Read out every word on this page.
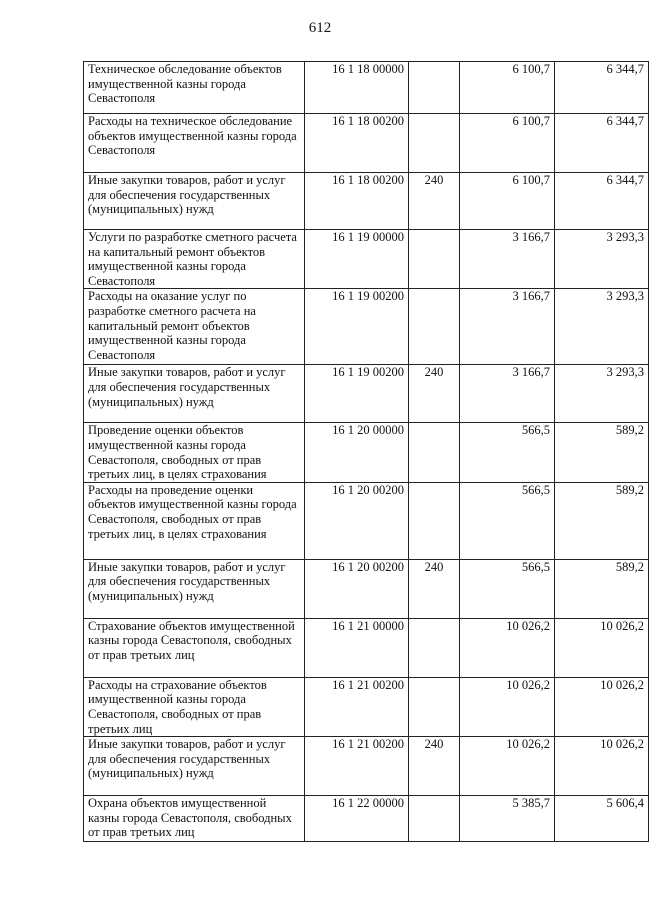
612
Техническое обследование объектов имущественной казны города Севастополя	16 1 18 00000		6 100,7	6 344,7
Расходы на техническое обследование объектов имущественной казны города Севастополя	16 1 18 00200		6 100,7	6 344,7
Иные закупки товаров, работ и услуг для обеспечения государственных (муниципальных) нужд	16 1 18 00200	240	6 100,7	6 344,7
Услуги по разработке сметного расчета на капитальный ремонт объектов имущественной казны города Севастополя	16 1 19 00000		3 166,7	3 293,3
Расходы на оказание услуг по разработке сметного расчета на капитальный ремонт объектов имущественной казны города Севастополя	16 1 19 00200		3 166,7	3 293,3
Иные закупки товаров, работ и услуг для обеспечения государственных (муниципальных) нужд	16 1 19 00200	240	3 166,7	3 293,3
Проведение оценки объектов имущественной казны города Севастополя, свободных от прав третьих лиц, в целях страхования	16 1 20 00000		566,5	589,2
Расходы на проведение оценки объектов имущественной казны города Севастополя, свободных от прав третьих лиц, в целях страхования	16 1 20 00200		566,5	589,2
Иные закупки товаров, работ и услуг для обеспечения государственных (муниципальных) нужд	16 1 20 00200	240	566,5	589,2
Страхование объектов имущественной казны города Севастополя, свободных от прав третьих лиц	16 1 21 00000		10 026,2	10 026,2
Расходы на страхование объектов имущественной казны города Севастополя, свободных от прав третьих лиц	16 1 21 00200		10 026,2	10 026,2
Иные закупки товаров, работ и услуг для обеспечения государственных (муниципальных) нужд	16 1 21 00200	240	10 026,2	10 026,2
Охрана объектов имущественной казны города Севастополя, свободных от прав третьих лиц	16 1 22 00000		5 385,7	5 606,4
